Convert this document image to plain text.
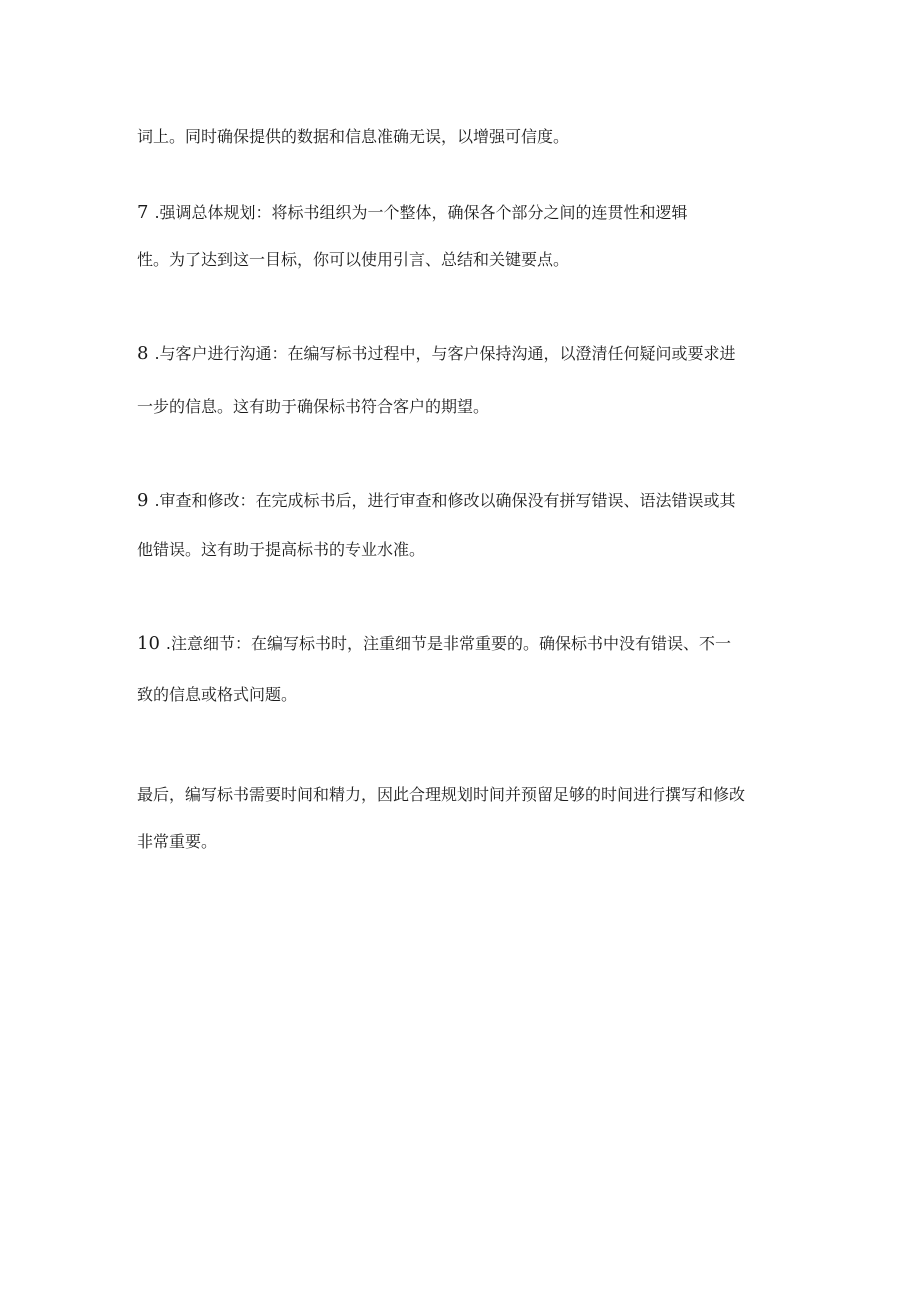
词上。同时确保提供的数据和信息准确无误，以增强可信度。
7 .强调总体规划：将标书组织为一个整体，确保各个部分之间的连贯性和逻辑
性。为了达到这一目标，你可以使用引言、总结和关键要点。
8 .与客户进行沟通：在编写标书过程中，与客户保持沟通，以澄清任何疑问或要求进
一步的信息。这有助于确保标书符合客户的期望。
9 .审查和修改：在完成标书后，进行审查和修改以确保没有拼写错误、语法错误或其
他错误。这有助于提高标书的专业水准。
10 .注意细节：在编写标书时，注重细节是非常重要的。确保标书中没有错误、不一
致的信息或格式问题。
最后，编写标书需要时间和精力，因此合理规划时间并预留足够的时间进行撰写和修改
非常重要。
